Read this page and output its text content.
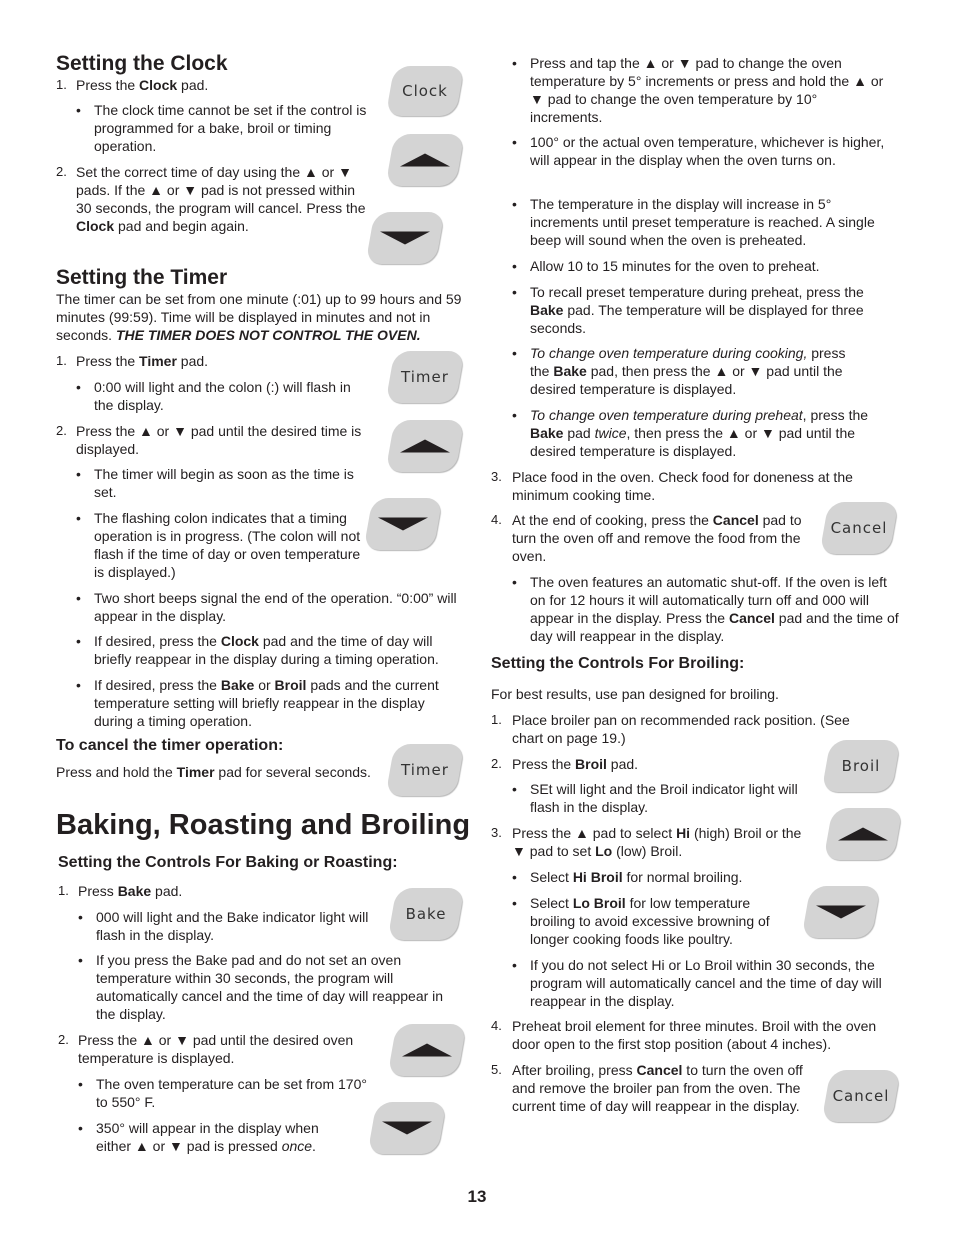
Setting the Clock
1. Press the Clock pad.
• The clock time cannot be set if the control is programmed for a bake, broil or timing operation.
2. Set the correct time of day using the ▲ or ▼ pads. If the ▲ or ▼ pad is not pressed within 30 seconds, the program will cancel. Press the Clock pad and begin again.
Clock
Setting the Timer
The timer can be set from one minute (:01) up to 99 hours and 59 minutes (99:59). Time will be displayed in minutes and not in seconds. THE TIMER DOES NOT CONTROL THE OVEN.
1. Press the Timer pad.
• 0:00 will light and the colon (:) will flash in the display.
2. Press the ▲ or ▼ pad until the desired time is displayed.
• The timer will begin as soon as the time is set.
• The flashing colon indicates that a timing operation is in progress. (The colon will not flash if the time of day or oven temperature is displayed.)
• Two short beeps signal the end of the operation. “0:00” will appear in the display.
• If desired, press the Clock pad and the time of day will briefly reappear in the display during a timing operation.
• If desired, press the Bake or Broil pads and the current temperature setting will briefly reappear in the display during a timing operation.
Timer
To cancel the timer operation:
Press and hold the Timer pad for several seconds.	Timer
Baking, Roasting and Broiling
Setting the Controls For Baking or Roasting:
1. Press Bake pad.
• 000 will light and the Bake indicator light will flash in the display.
• If you press the Bake pad and do not set an oven temperature within 30 seconds, the program will automatically cancel and the time of day will reappear in the display.
2. Press the ▲ or ▼ pad until the desired oven temperature is displayed.
• The oven temperature can be set from 170° to 550° F.
• 350° will appear in the display when either ▲ or ▼ pad is pressed once.
Bake
• Press and tap the ▲ or ▼ pad to change the oven temperature by 5° increments or press and hold the ▲ or ▼ pad to change the oven temperature by 10° increments.
• 100° or the actual oven temperature, whichever is higher, will appear in the display when the oven turns on.
• The temperature in the display will increase in 5° increments until preset temperature is reached. A single beep will sound when the oven is preheated.
• Allow 10 to 15 minutes for the oven to preheat.
• To recall preset temperature during preheat, press the Bake pad. The temperature will be displayed for three seconds.
• To change oven temperature during cooking, press the Bake pad, then press the ▲ or ▼ pad until the desired temperature is displayed.
• To change oven temperature during preheat, press the Bake pad twice, then press the ▲ or ▼ pad until the desired temperature is displayed.
3. Place food in the oven. Check food for doneness at the minimum cooking time.
4. At the end of cooking, press the Cancel pad to turn the oven off and remove the food from the oven.
• The oven features an automatic shut-off. If the oven is left on for 12 hours it will automatically turn off and 000 will appear in the display. Press the Cancel pad and the time of day will reappear in the display.
Cancel
Setting the Controls For Broiling:
For best results, use pan designed for broiling.
1. Place broiler pan on recommended rack position. (See chart on page 19.)
2. Press the Broil pad.
• SEt will light and the Broil indicator light will flash in the display.
3. Press the ▲ pad to select Hi (high) Broil or the ▼ pad to set Lo (low) Broil.
• Select Hi Broil for normal broiling.
• Select Lo Broil for low temperature broiling to avoid excessive browning of longer cooking foods like poultry.
• If you do not select Hi or Lo Broil within 30 seconds, the program will automatically cancel and the time of day will reappear in the display.
4. Preheat broil element for three minutes. Broil with the oven door open to the first stop position (about 4 inches).
5. After broiling, press Cancel to turn the oven off and remove the broiler pan from the oven. The current time of day will reappear in the display.
Broil
Cancel
13
